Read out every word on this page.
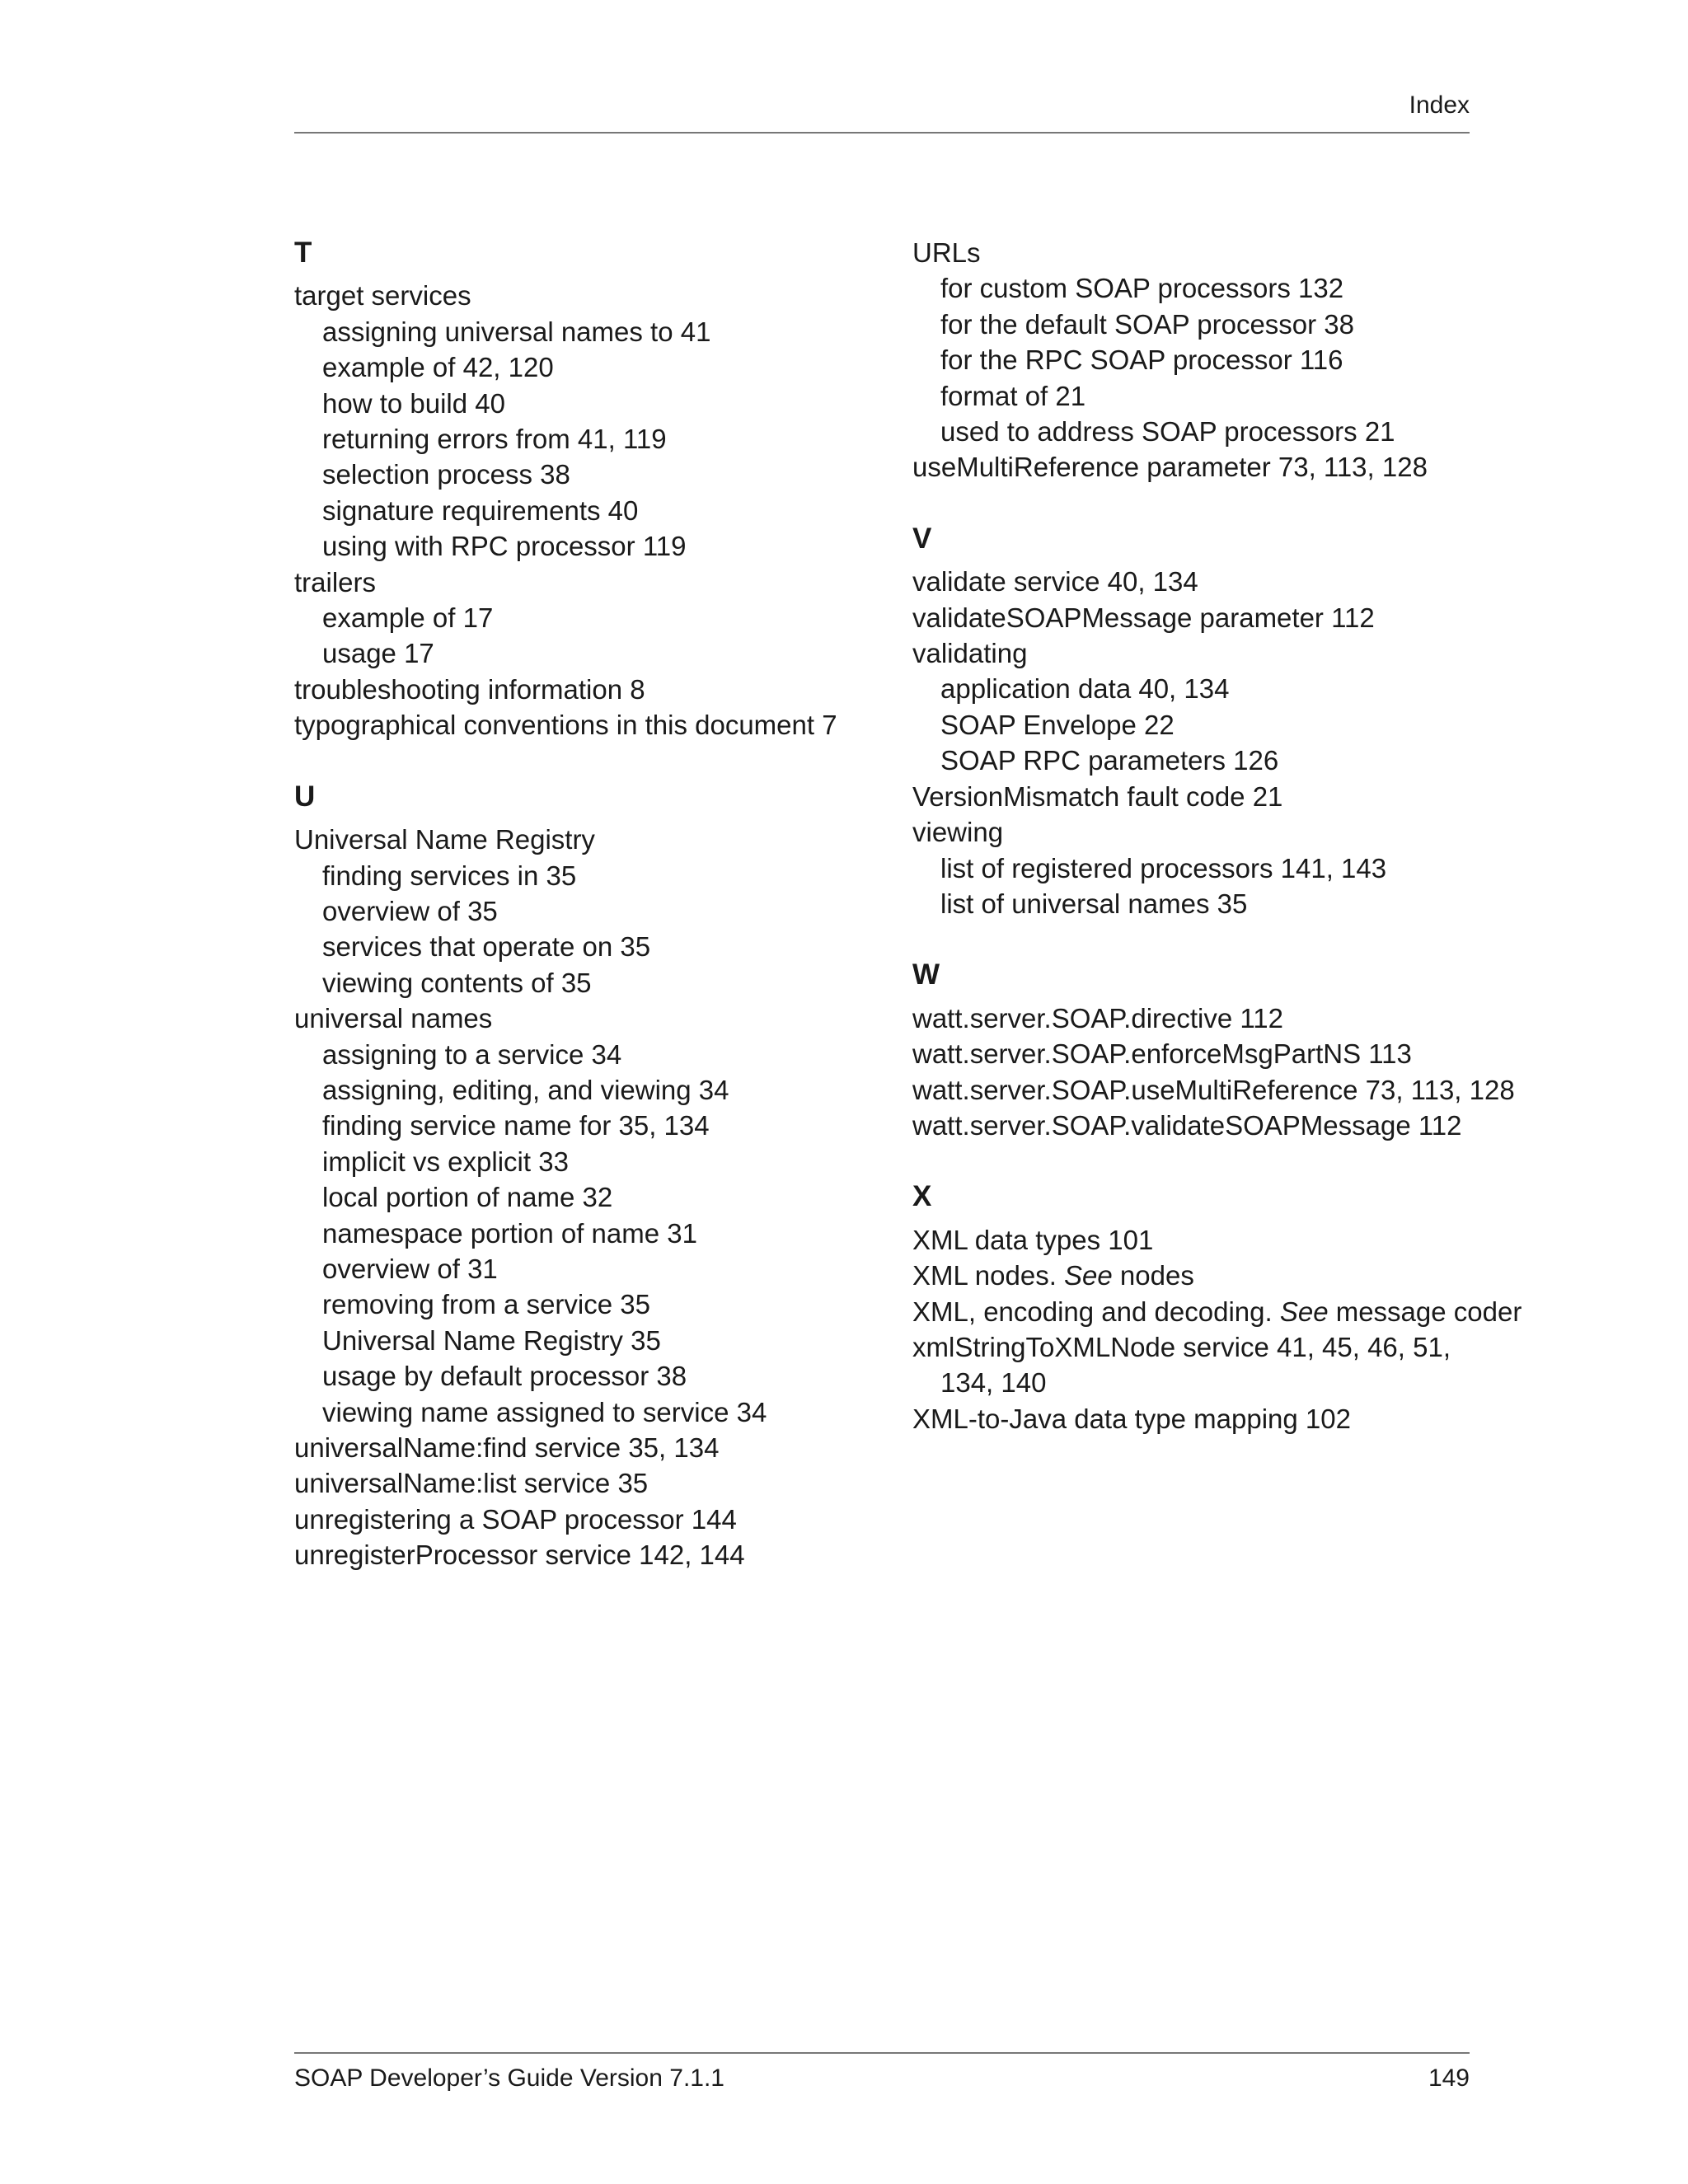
Index
T
target services
assigning universal names to 41
example of 42, 120
how to build 40
returning errors from 41, 119
selection process 38
signature requirements 40
using with RPC processor 119
trailers
example of 17
usage 17
troubleshooting information 8
typographical conventions in this document 7
U
Universal Name Registry
finding services in 35
overview of 35
services that operate on 35
viewing contents of 35
universal names
assigning to a service 34
assigning, editing, and viewing 34
finding service name for 35, 134
implicit vs explicit 33
local portion of name 32
namespace portion of name 31
overview of 31
removing from a service 35
Universal Name Registry 35
usage by default processor 38
viewing name assigned to service 34
universalName:find service 35, 134
universalName:list service 35
unregistering a SOAP processor 144
unregisterProcessor service 142, 144
URLs
for custom SOAP processors 132
for the default SOAP processor 38
for the RPC SOAP processor 116
format of 21
used to address SOAP processors 21
useMultiReference parameter 73, 113, 128
V
validate service 40, 134
validateSOAPMessage parameter 112
validating
application data 40, 134
SOAP Envelope 22
SOAP RPC parameters 126
VersionMismatch fault code 21
viewing
list of registered processors 141, 143
list of universal names 35
W
watt.server.SOAP.directive 112
watt.server.SOAP.enforceMsgPartNS 113
watt.server.SOAP.useMultiReference 73, 113, 128
watt.server.SOAP.validateSOAPMessage 112
X
XML data types 101
XML nodes. See nodes
XML, encoding and decoding. See message coder
xmlStringToXMLNode service 41, 45, 46, 51, 134, 140
XML-to-Java data type mapping 102
SOAP Developer’s Guide Version 7.1.1	149
